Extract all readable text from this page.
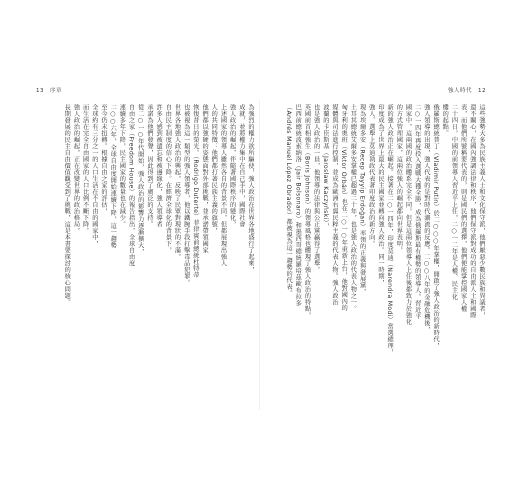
13　序章	強人時代　12
為強烈的權力欲所驅使，強人政治在世界各地盛行了起來，
成就，並將權力集中在自己手中，國際社會
強人政治的崛起，伴隨著國際秩序的變化，
上述國家的領導人雖然各自的背景不同，但都展現出強人
人的共同特徵：他們都打著民族主義的旗號，
他們都以強硬的姿態面對外部挑戰，並承諾帶領國家
恢復昔日的榮光。（Rodrigo Duterte）菲律賓前總統杜特蒂
也被視為這一類型的強人領導者，他以鐵腕手段打擊毒品犯罪。
世界各地強人政治的興起，反映了民眾對現狀的不滿，
自由民主制度的信心下降。在經濟全球化的背景下，
許多人感到被遺忘和被邊緣化，強人領導者
承諾為他們發聲，因此得到了廣泛的支持。
從二○一○年代開始，強人政治的影響力逐漸擴大，
自由之家（Freedom House）的報告指出，全球自由度
連續多年下降，民主國家的數量也在減少。
二○○六年，全球自由度開始連續下降，這一趨勢
至今仍未扭轉。根據自由之家的評估，
全球約有三分之一的人口生活在不自由的國家中，
而生活在完全自由國家的人口比例不斷下降。
強人政治的崛起，正在改變世界的政治格局，
長期發展的民主自由價值觀受到了挑戰，這是本書要探討的核心問題。	這些強勢大多為民族主義人士和文化保守派，他們厭惡少數民族和異議者，
還不關心，在國內強調法律和秩序，他們保守派對成功的自由派人士和國際
表，而他們所號稱要代表的，則是國民們的選擇，他們便能掌控國家人權
二十四日，中國的前領導人習近平上任，二○一二年是人權、民主化
樓的起點。
俄羅斯總統普丁（Vladimir Putin）於二○○○年掌權，開啟了強人政治的新時代，
強人領導的出現，強人代表的是對時代潮流的反應。二○○八年的金融危機後，
二○一四年再度投入選戰大獲全勝，成為俄羅斯最有權勢的領導人。習近平
國家中，這兩國的政治體系完全不同，但是這兩位領導人上任後都致力於強化
的方式管理國家，這兩位強人的崛起都向世界表明，
新的強人政治正在崛起。接著在二○一四年，印度莫迪（Narendra Modi）當選總理，
印度成為了世界上最大的民主國家並轉向強人政治。同一時期，
強人、選舉上莫迪執政代表著印度政治的新方向。
現為埃爾多安（Recep Tayyip Erdoğan）率領的正義與發展黨，
土耳其總統艾爾多安掌權已超過二十年，也是強人政治的代表人物之一。
匈牙利的奧班（Viktor Orbán）也在二○一○年重新上台，他對國內的
媒體與司法進行控制，並成為歐洲右翼民粹主義的代表人物。強人政治
波蘭的卡臣斯基（Jarosław Kaczyński），
也是強人政治的一員，他領導的法律與公正黨贏得了選舉。
英國前首相強生（Boris Johnson）的領導風格也體現了強人政治的特點，
巴西前總統波索納洛（Jair Bolsonaro）和墨西哥總統羅培茲歐布拉多
（Andrés Manuel López Obrador）都被視為這一趨勢的代表。
